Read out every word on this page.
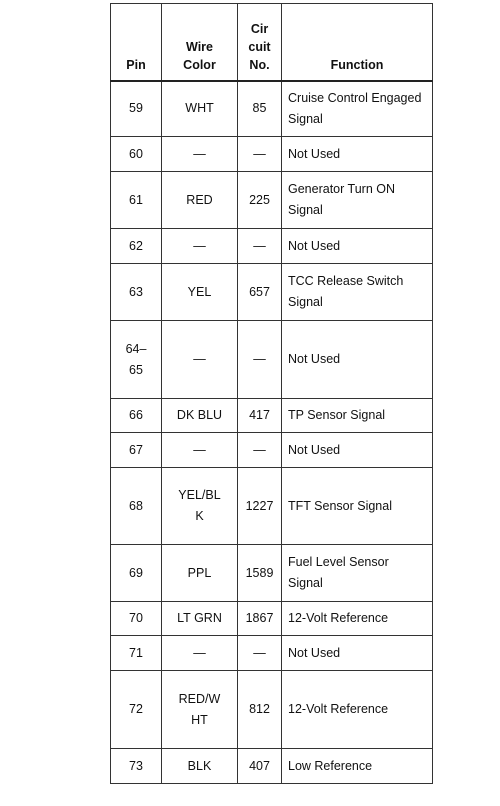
Pin	Wire Color	Cir cuit No.	Function
59	WHT	85	Cruise Control Engaged Signal
60	—	—	Not Used
61	RED	225	Generator Turn ON Signal
62	—	—	Not Used
63	YEL	657	TCC Release Switch Signal
64–65	—	—	Not Used
66	DK BLU	417	TP Sensor Signal
67	—	—	Not Used
68	YEL/BLK	1227	TFT Sensor Signal
69	PPL	1589	Fuel Level Sensor Signal
70	LT GRN	1867	12-Volt Reference
71	—	—	Not Used
72	RED/WHT	812	12-Volt Reference
73	BLK	407	Low Reference
